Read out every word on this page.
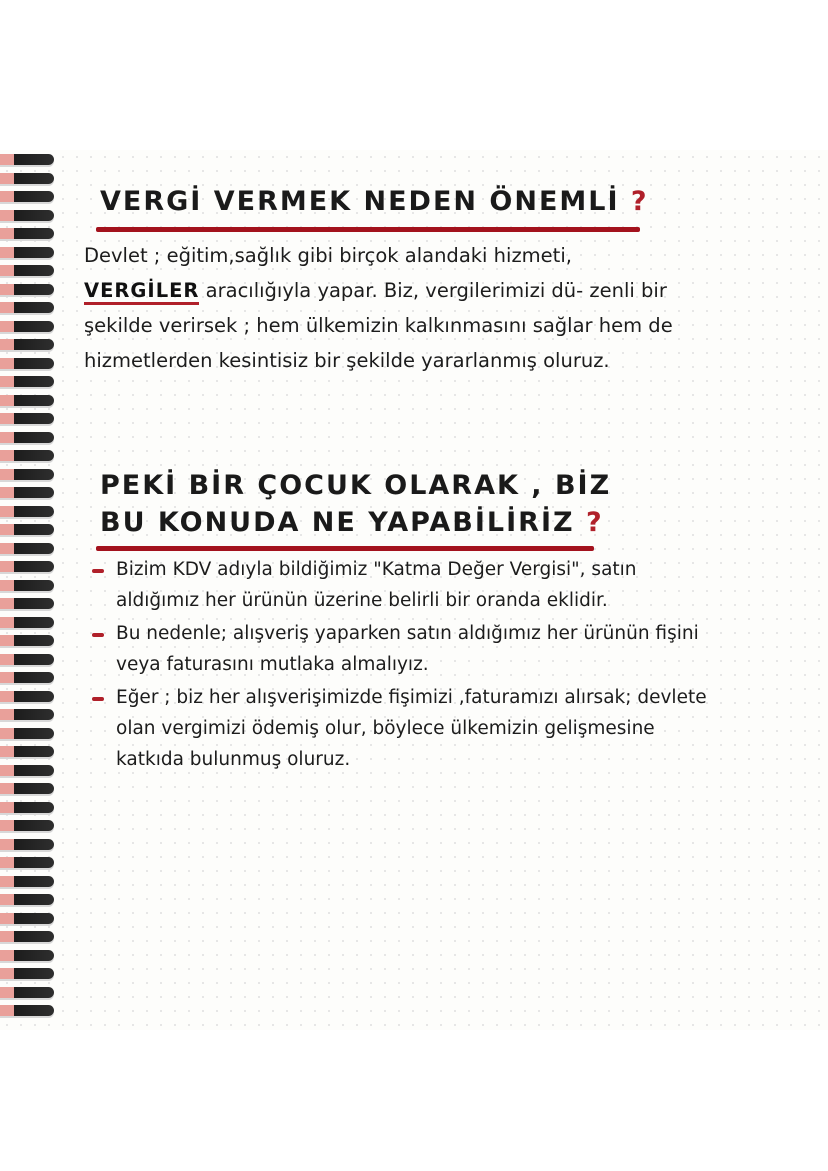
VERGİ VERMEK NEDEN ÖNEMLİ ?

Devlet ; eğitim,sağlık gibi birçok alandaki hizmeti,
VERGİLER aracılığıyla yapar. Biz, vergilerimizi dü- zenli bir şekilde verirsek ; hem ülkemizin kalkınmasını sağlar hem de hizmetlerden kesintisiz bir şekilde yararlanmış oluruz.

PEKİ BİR ÇOCUK OLARAK , BİZ
BU KONUDA NE YAPABİLİRİZ ?
Bizim KDV adıyla bildiğimiz "Katma Değer Vergisi", satın aldığımız her ürünün üzerine belirli bir oranda eklidir.
Bu nedenle; alışveriş yaparken satın aldığımız her ürünün fişini veya faturasını mutlaka almalıyız.
Eğer ; biz her alışverişimizde fişimizi ,faturamızı alırsak; devlete olan vergimizi ödemiş olur, böylece ülkemizin gelişmesine katkıda bulunmuş oluruz.
